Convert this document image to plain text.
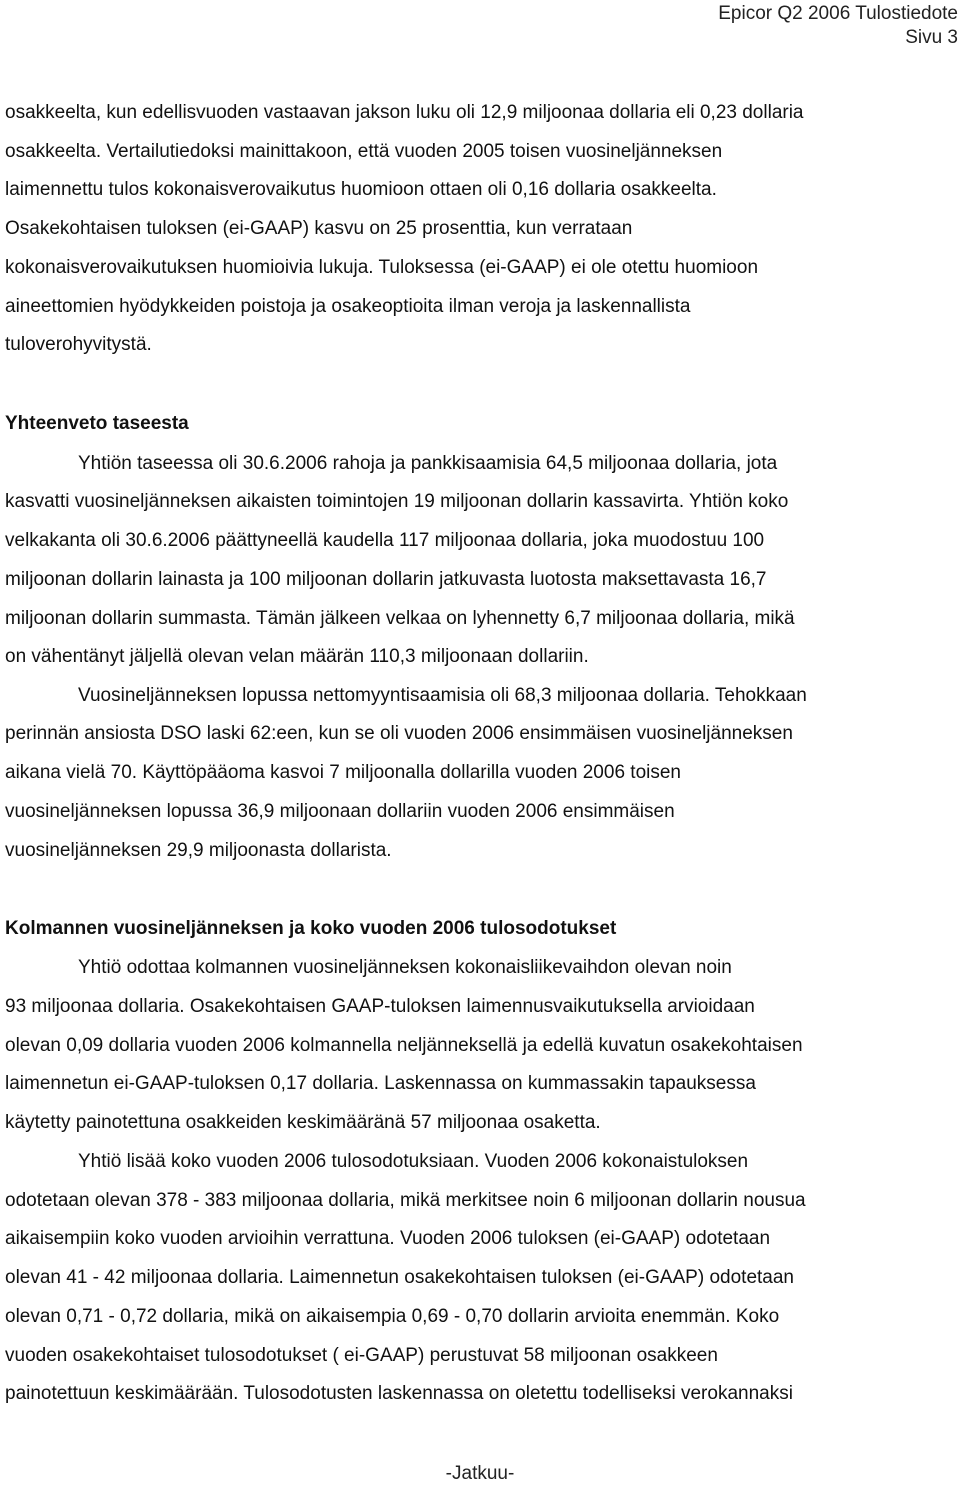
Epicor Q2 2006 Tulostiedote
Sivu 3
osakkeelta, kun edellisvuoden vastaavan jakson luku oli 12,9 miljoonaa dollaria eli 0,23 dollaria
osakkeelta. Vertailutiedoksi mainittakoon, että vuoden 2005 toisen vuosineljänneksen
laimennettu tulos kokonaisverovaikutus huomioon ottaen oli 0,16 dollaria osakkeelta.
Osakekohtaisen tuloksen (ei-GAAP) kasvu on 25 prosenttia, kun verrataan
kokonaisverovaikutuksen huomioivia lukuja. Tuloksessa (ei-GAAP) ei ole otettu huomioon
aineettomien hyödykkeiden poistoja ja osakeoptioita ilman veroja ja laskennallista
tuloverohyvitystä.
Yhteenveto taseesta
Yhtiön taseessa oli 30.6.2006 rahoja ja pankkisaamisia 64,5 miljoonaa dollaria, jota
kasvatti vuosineljänneksen aikaisten toimintojen 19 miljoonan dollarin kassavirta. Yhtiön koko
velkakanta oli 30.6.2006 päättyneellä kaudella 117 miljoonaa dollaria, joka muodostuu 100
miljoonan dollarin lainasta ja 100 miljoonan dollarin jatkuvasta luotosta maksettavasta 16,7
miljoonan dollarin summasta. Tämän jälkeen velkaa on lyhennetty 6,7 miljoonaa dollaria, mikä
on vähentänyt jäljellä olevan velan määrän 110,3 miljoonaan dollariin.
Vuosineljänneksen lopussa nettomyyntisaamisia oli 68,3 miljoonaa dollaria. Tehokkaan
perinnän ansiosta DSO laski 62:een, kun se oli vuoden 2006 ensimmäisen vuosineljänneksen
aikana vielä 70. Käyttöpääoma kasvoi 7 miljoonalla dollarilla vuoden 2006 toisen
vuosineljänneksen lopussa 36,9 miljoonaan dollariin vuoden 2006 ensimmäisen
vuosineljänneksen 29,9 miljoonasta dollarista.
Kolmannen vuosineljänneksen ja koko vuoden 2006 tulosodotukset
Yhtiö odottaa kolmannen vuosineljänneksen kokonaisliikevaihdon olevan noin
93 miljoonaa dollaria. Osakekohtaisen GAAP-tuloksen laimennusvaikutuksella arvioidaan
olevan 0,09 dollaria vuoden 2006 kolmannella neljänneksellä ja edellä kuvatun osakekohtaisen
laimennetun ei-GAAP-tuloksen 0,17 dollaria. Laskennassa on kummassakin tapauksessa
käytetty painotettuna osakkeiden keskimääränä 57 miljoonaa osaketta.
Yhtiö lisää koko vuoden 2006 tulosodotuksiaan. Vuoden 2006 kokonaistuloksen
odotetaan olevan 378 - 383 miljoonaa dollaria, mikä merkitsee noin 6 miljoonan dollarin nousua
aikaisempiin koko vuoden arvioihin verrattuna. Vuoden 2006 tuloksen (ei-GAAP) odotetaan
olevan 41 - 42 miljoonaa dollaria. Laimennetun osakekohtaisen tuloksen (ei-GAAP) odotetaan
olevan 0,71 - 0,72 dollaria, mikä on aikaisempia 0,69 - 0,70 dollarin arvioita enemmän. Koko
vuoden osakekohtaiset tulosodotukset ( ei-GAAP) perustuvat 58 miljoonan osakkeen
painotettuun keskimäärään. Tulosodotusten laskennassa on oletettu todelliseksi verokannaksi
-Jatkuu-
